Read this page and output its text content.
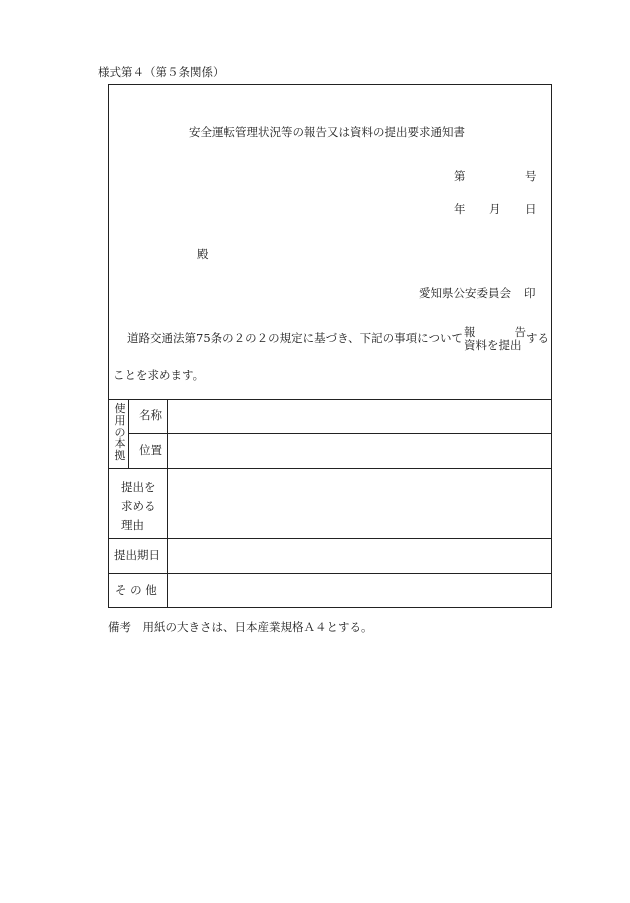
様式第４（第５条関係）
安全運転管理状況等の報告又は資料の提出要求通知書
第	号
年 月 日
殿
愛知県公安委員会 印
道路交通法第75条の２の２の規定に基づき、下記の事項について 報	告
資料を提出 する
ことを求めます。
使用の本拠
名称
位置
提出を求める理由
提出期日
そ の 他
備考　用紙の大きさは、日本産業規格Ａ４とする。
